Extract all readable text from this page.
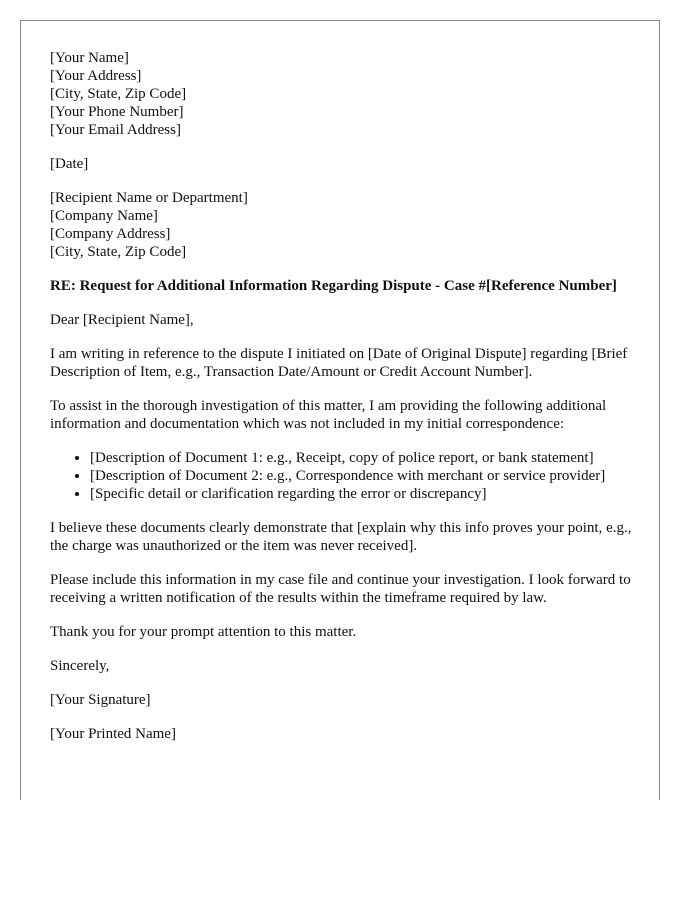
[Your Name]
[Your Address]
[City, State, Zip Code]
[Your Phone Number]
[Your Email Address]
[Date]
[Recipient Name or Department]
[Company Name]
[Company Address]
[City, State, Zip Code]
RE: Request for Additional Information Regarding Dispute - Case #[Reference Number]
Dear [Recipient Name],
I am writing in reference to the dispute I initiated on [Date of Original Dispute] regarding [Brief Description of Item, e.g., Transaction Date/Amount or Credit Account Number].
To assist in the thorough investigation of this matter, I am providing the following additional information and documentation which was not included in my initial correspondence:
• [Description of Document 1: e.g., Receipt, copy of police report, or bank statement]
• [Description of Document 2: e.g., Correspondence with merchant or service provider]
• [Specific detail or clarification regarding the error or discrepancy]
I believe these documents clearly demonstrate that [explain why this info proves your point, e.g., the charge was unauthorized or the item was never received].
Please include this information in my case file and continue your investigation. I look forward to receiving a written notification of the results within the timeframe required by law.
Thank you for your prompt attention to this matter.
Sincerely,
[Your Signature]
[Your Printed Name]
